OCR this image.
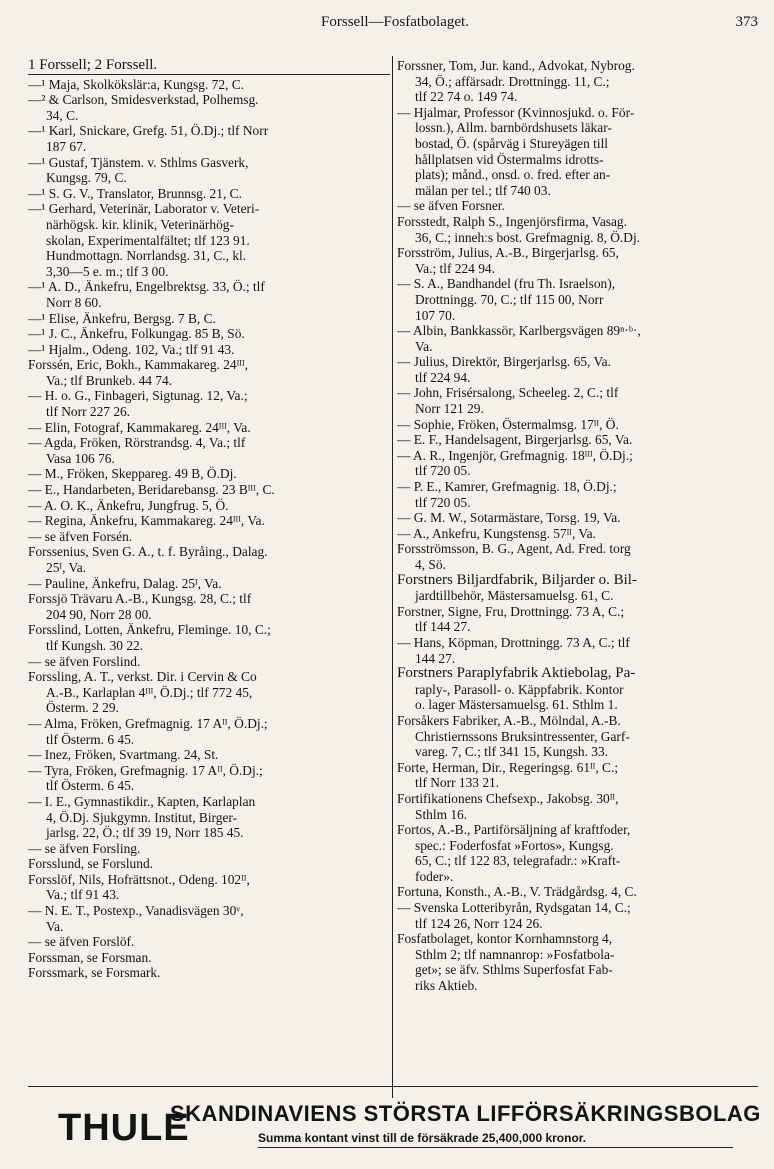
Forssell—Fosfatbolaget.	373
1 Forssell; 2 Forssell.
—¹ Maja, Skolkökslär:a, Kungsg. 72, C.
—² & Carlson, Smidesverkstad, Polhemsg.
34, C.
—¹ Karl, Snickare, Grefg. 51, Ö.Dj.; tlf Norr
187 67.
—¹ Gustaf, Tjänstem. v. Sthlms Gasverk,
Kungsg. 79, C.
—¹ S. G. V., Translator, Brunnsg. 21, C.
—¹ Gerhard, Veterinär, Laborator v. Veteri-
närhögsk. kir. klinik, Veterinärhög-
skolan, Experimentalfältet; tlf 123 91.
Hundmottagn. Norrlandsg. 31, C., kl.
3,30—5 e. m.; tlf 3 00.
—¹ A. D., Änkefru, Engelbrektsg. 33, Ö.; tlf
Norr 8 60.
—¹ Elise, Änkefru, Bergsg. 7 B, C.
—¹ J. C., Änkefru, Folkungag. 85 B, Sö.
—¹ Hjalm., Odeng. 102, Va.; tlf 91 43.
Forssén, Eric, Bokh., Kammakareg. 24ᴵᴵᴵ,
Va.; tlf Brunkeb. 44 74.
— H. o. G., Finbageri, Sigtunag. 12, Va.;
tlf Norr 227 26.
— Elin, Fotograf, Kammakareg. 24ᴵᴵᴵ, Va.
— Agda, Fröken, Rörstrandsg. 4, Va.; tlf
Vasa 106 76.
— M., Fröken, Skeppareg. 49 B, Ö.Dj.
— E., Handarbeten, Beridarebansg. 23 Bᴵᴵᴵ, C.
— A. O. K., Änkefru, Jungfrug. 5, Ö.
— Regina, Änkefru, Kammakareg. 24ᴵᴵᴵ, Va.
— se äfven Forsén.
Forssenius, Sven G. A., t. f. Byråing., Dalag.
25ᴵ, Va.
— Pauline, Änkefru, Dalag. 25ᴵ, Va.
Forssjö Trävaru A.-B., Kungsg. 28, C.; tlf
204 90, Norr 28 00.
Forsslind, Lotten, Änkefru, Fleminge. 10, C.;
tlf Kungsh. 30 22.
— se äfven Forslind.
Forssling, A. T., verkst. Dir. i Cervin & Co
A.-B., Karlaplan 4ᴵᴵᴵ, Ö.Dj.; tlf 772 45,
Österm. 2 29.
— Alma, Fröken, Grefmagnig. 17 Aᴵᴵ, Ö.Dj.;
tlf Österm. 6 45.
— Inez, Fröken, Svartmang. 24, St.
— Tyra, Fröken, Grefmagnig. 17 Aᴵᴵ, Ö.Dj.;
tlf Österm. 6 45.
— I. E., Gymnastikdir., Kapten, Karlaplan
4, Ö.Dj. Sjukgymn. Institut, Birger-
jarlsg. 22, Ö.; tlf 39 19, Norr 185 45.
— se äfven Forsling.
Forsslund, se Forslund.
Forsslöf, Nils, Hofrättsnot., Odeng. 102ᴵᴵ,
Va.; tlf 91 43.
— N. E. T., Postexp., Vanadisvägen 30ᵛ,
Va.
— se äfven Forslöf.
Forssman, se Forsman.
Forssmark, se Forsmark.
Forssner, Tom, Jur. kand., Advokat, Nybrog.
34, Ö.; affärsadr. Drottningg. 11, C.;
tlf 22 74 o. 149 74.
— Hjalmar, Professor (Kvinnosjukd. o. För-
lossn.), Allm. barnbördshusets läkar-
bostad, Ö. (spårväg i Stureyägen till
hållplatsen vid Östermalms idrotts-
plats); månd., onsd. o. fred. efter an-
mälan per tel.; tlf 740 03.
— se äfven Forsner.
Forsstedt, Ralph S., Ingenjörsfirma, Vasag.
36, C.; innehːs bost. Grefmagnig. 8, Ö.Dj.
Forsström, Julius, A.-B., Birgerjarlsg. 65,
Va.; tlf 224 94.
— S. A., Bandhandel (fru Th. Israelson),
Drottningg. 70, C.; tlf 115 00, Norr
107 70.
— Albin, Bankkassör, Karlbergsvägen 89ⁿ·ᵇ·,
Va.
— Julius, Direktör, Birgerjarlsg. 65, Va.
tlf 224 94.
— John, Frisérsalong, Scheeleg. 2, C.; tlf
Norr 121 29.
— Sophie, Fröken, Östermalmsg. 17ᴵᴵ, Ö.
— E. F., Handelsagent, Birgerjarlsg. 65, Va.
— A. R., Ingenjör, Grefmagnig. 18ᴵᴵᴵ, Ö.Dj.;
tlf 720 05.
— P. E., Kamrer, Grefmagnig. 18, Ö.Dj.;
tlf 720 05.
— G. M. W., Sotarmästare, Torsg. 19, Va.
— A., Ankefru, Kungstensg. 57ᴵᴵ, Va.
Forsströmsson, B. G., Agent, Ad. Fred. torg
4, Sö.
Forstners Biljardfabrik, Biljarder o. Bil-
jardtillbehör, Mästersamuelsg. 61, C.
Forstner, Signe, Fru, Drottningg. 73 A, C.;
tlf 144 27.
— Hans, Köpman, Drottningg. 73 A, C.; tlf
144 27.
Forstners Paraplyfabrik Aktiebolag, Pa-
raply-, Parasoll- o. Käppfabrik. Kontor
o. lager Mästersamuelsg. 61. Sthlm 1.
Forsåkers Fabriker, A.-B., Mölndal, A.-B.
Christiernssons Bruksintressenter, Garf-
vareg. 7, C.; tlf 341 15, Kungsh. 33.
Forte, Herman, Dir., Regeringsg. 61ᴵᴵ, C.;
tlf Norr 133 21.
Fortifikationens Chefsexp., Jakobsg. 30ᴵᴵ,
Sthlm 16.
Fortos, A.-B., Partiförsäljning af kraftfoder,
spec.: Foderfosfat »Fortos», Kungsg.
65, C.; tlf 122 83, telegrafadr.: »Kraft-
foder».
Fortuna, Konsth., A.-B., V. Trädgårdsg. 4, C.
— Svenska Lotteribyrån, Rydsgatan 14, C.;
tlf 124 26, Norr 124 26.
Fosfatbolaget, kontor Kornhamnstorg 4,
Sthlm 2; tlf namnanrop: »Fosfatbola-
get»; se äfv. Sthlms Superfosfat Fab-
riks Aktieb.
THULE
SKANDINAVIENS STÖRSTA LIFFÖRSÄKRINGSBOLAG
Summa kontant vinst till de försäkrade 25,400,000 kronor.
